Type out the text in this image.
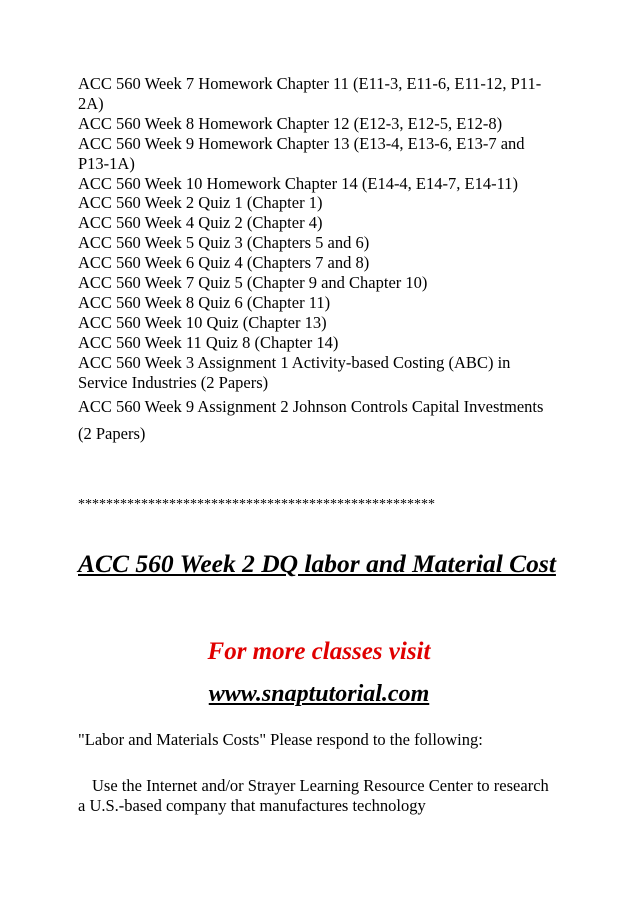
ACC 560 Week 7 Homework Chapter 11 (E11-3, E11-6, E11-12, P11-2A)
ACC 560 Week 8 Homework Chapter 12 (E12-3, E12-5, E12-8)
ACC 560 Week 9 Homework Chapter 13 (E13-4, E13-6, E13-7 and P13-1A)
ACC 560 Week 10 Homework Chapter 14 (E14-4, E14-7, E14-11)
ACC 560 Week 2 Quiz 1 (Chapter 1)
ACC 560 Week 4 Quiz 2 (Chapter 4)
ACC 560 Week 5 Quiz 3 (Chapters 5 and 6)
ACC 560 Week 6 Quiz 4 (Chapters 7 and 8)
ACC 560 Week 7 Quiz 5 (Chapter 9 and Chapter 10)
ACC 560 Week 8 Quiz 6 (Chapter 11)
ACC 560 Week 10 Quiz (Chapter 13)
ACC 560 Week 11 Quiz 8 (Chapter 14)
ACC 560 Week 3 Assignment 1 Activity-based Costing (ABC) in Service Industries (2 Papers)
ACC 560 Week 9 Assignment 2 Johnson Controls Capital Investments (2 Papers)
***************************************************
ACC 560 Week 2 DQ labor and Material Cost
For more classes visit
www.snaptutorial.com

"Labor and Materials Costs" Please respond to the following:

Use the Internet and/or Strayer Learning Resource Center to research a U.S.-based company that manufactures technology
